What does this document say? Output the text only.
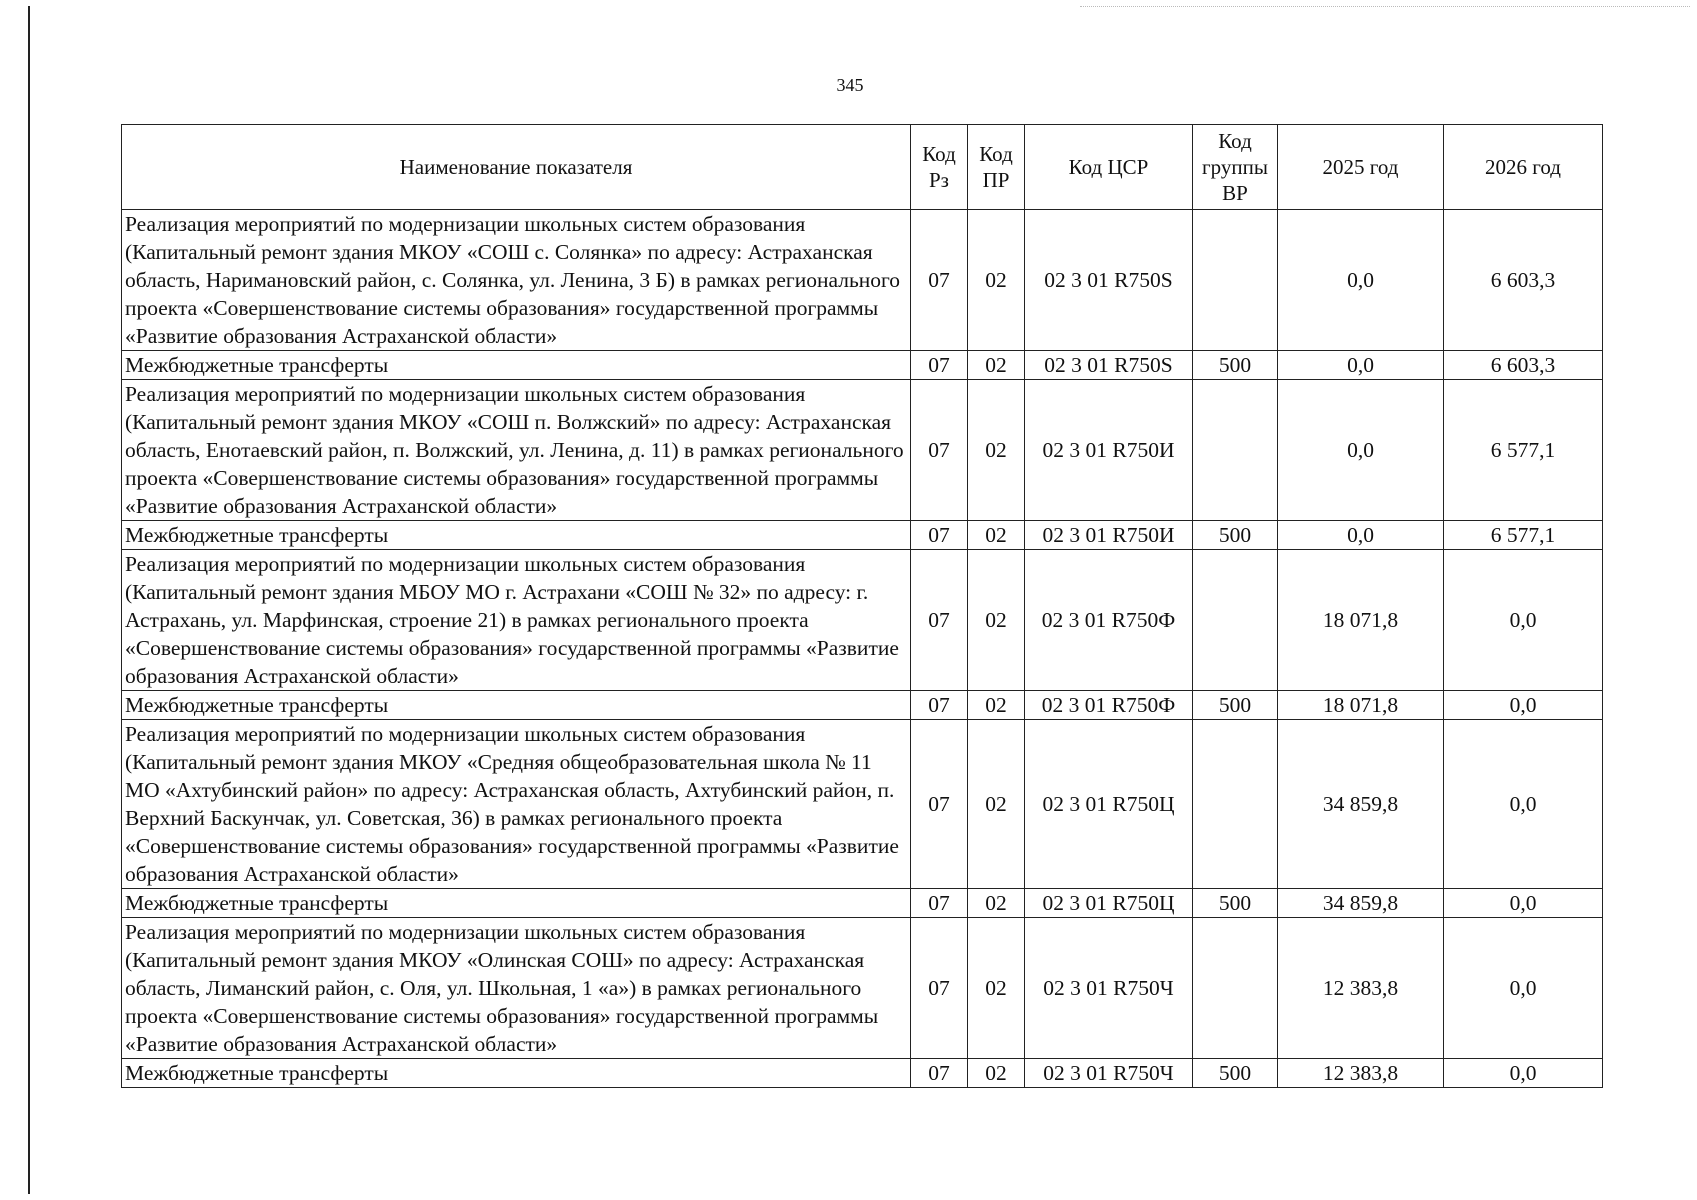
345
Наименование показателя	Код Рз	Код ПР	Код ЦСР	Код группы ВР	2025 год	2026 год
Реализация мероприятий по модернизации школьных систем образования (Капитальный ремонт здания МКОУ «СОШ с. Солянка» по адресу: Астраханская область, Наримановский район, с. Солянка, ул. Ленина, 3 Б) в рамках регионального проекта «Совершенствование системы образования» государственной программы «Развитие образования Астраханской области»	07	02	02 3 01 R750S		0,0	6 603,3
Межбюджетные трансферты	07	02	02 3 01 R750S	500	0,0	6 603,3
Реализация мероприятий по модернизации школьных систем образования (Капитальный ремонт здания МКОУ «СОШ п. Волжский» по адресу: Астраханская область, Енотаевский район, п. Волжский, ул. Ленина, д. 11) в рамках регионального проекта «Совершенствование системы образования» государственной программы «Развитие образования Астраханской области»	07	02	02 3 01 R750И		0,0	6 577,1
Межбюджетные трансферты	07	02	02 3 01 R750И	500	0,0	6 577,1
Реализация мероприятий по модернизации школьных систем образования (Капитальный ремонт здания МБОУ МО г. Астрахани «СОШ № 32» по адресу: г. Астрахань, ул. Марфинская, строение 21) в рамках регионального проекта «Совершенствование системы образования» государственной программы «Развитие образования Астраханской области»	07	02	02 3 01 R750Ф		18 071,8	0,0
Межбюджетные трансферты	07	02	02 3 01 R750Ф	500	18 071,8	0,0
Реализация мероприятий по модернизации школьных систем образования (Капитальный ремонт здания МКОУ «Средняя общеобразовательная школа № 11 МО «Ахтубинский район» по адресу: Астраханская область, Ахтубинский район, п. Верхний Баскунчак, ул. Советская, 36) в рамках регионального проекта «Совершенствование системы образования» государственной программы «Развитие образования Астраханской области»	07	02	02 3 01 R750Ц		34 859,8	0,0
Межбюджетные трансферты	07	02	02 3 01 R750Ц	500	34 859,8	0,0
Реализация мероприятий по модернизации школьных систем образования (Капитальный ремонт здания МКОУ «Олинская СОШ» по адресу: Астраханская область, Лиманский район, с. Оля, ул. Школьная, 1 «а») в рамках регионального проекта «Совершенствование системы образования» государственной программы «Развитие образования Астраханской области»	07	02	02 3 01 R750Ч		12 383,8	0,0
Межбюджетные трансферты	07	02	02 3 01 R750Ч	500	12 383,8	0,0
